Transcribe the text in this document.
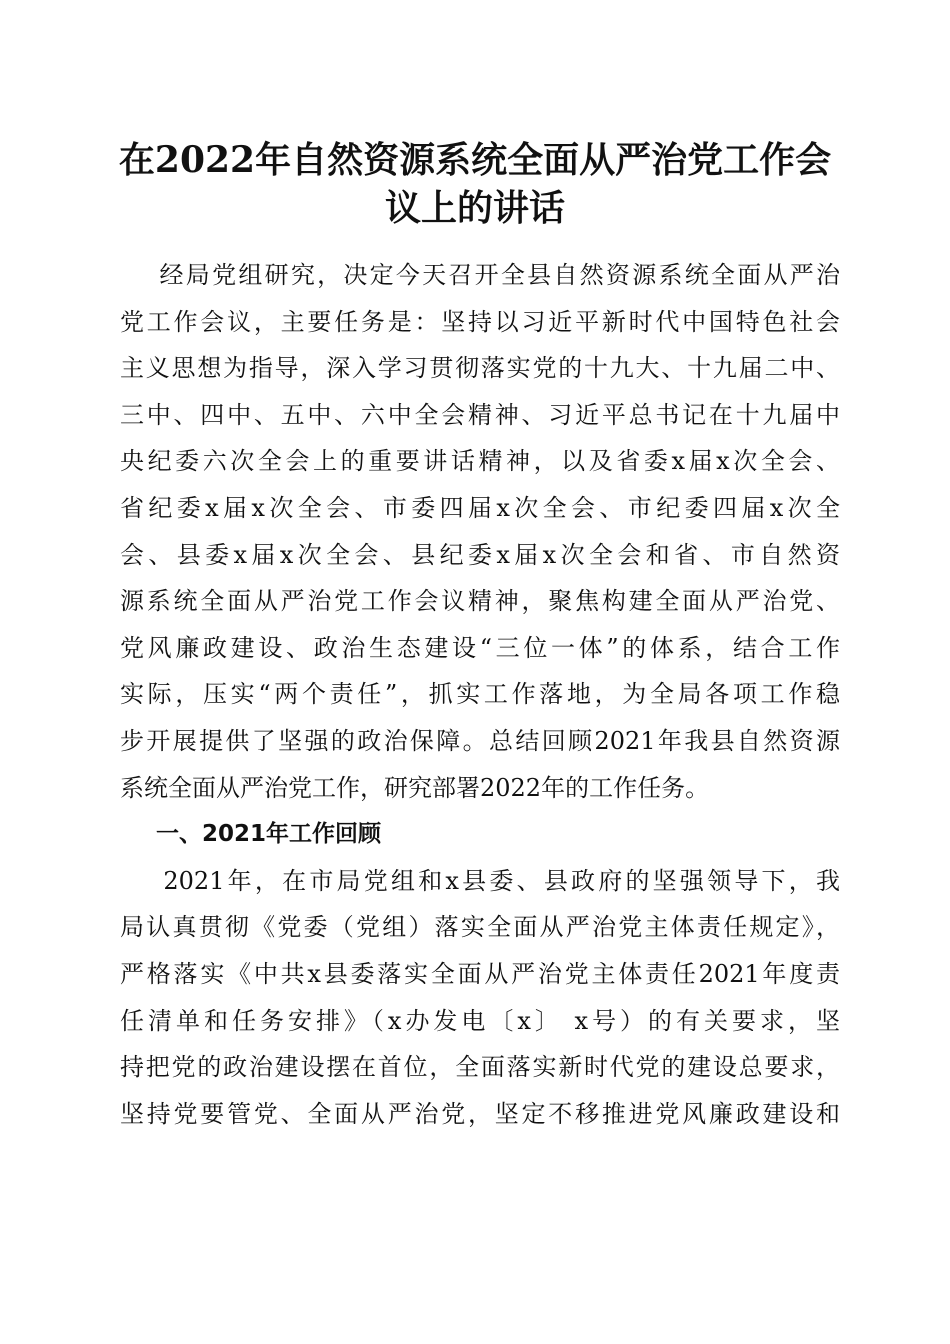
在2022年自然资源系统全面从严治党工作会
议上的讲话
经局党组研究，决定今天召开全县自然资源系统全面从严治
党工作会议，主要任务是：坚持以习近平新时代中国特色社会
主义思想为指导，深入学习贯彻落实党的十九大、十九届二中、
三中、四中、五中、六中全会精神、习近平总书记在十九届中
央纪委六次全会上的重要讲话精神，以及省委x届x次全会、
省纪委x届x次全会、市委四届x次全会、市纪委四届x次全
会、县委x届x次全会、县纪委x届x次全会和省、市自然资
源系统全面从严治党工作会议精神，聚焦构建全面从严治党、
党风廉政建设、政治生态建设“三位一体”的体系，结合工作
实际，压实“两个责任”，抓实工作落地，为全局各项工作稳
步开展提供了坚强的政治保障。总结回顾2021年我县自然资源
系统全面从严治党工作，研究部署2022年的工作任务。
一、2021年工作回顾
2021年，在市局党组和x县委、县政府的坚强领导下，我
局认真贯彻《党委（党组）落实全面从严治党主体责任规定》，
严格落实《中共x县委落实全面从严治党主体责任2021年度责
任清单和任务安排》（x办发电〔x〕 x号）的有关要求，坚
持把党的政治建设摆在首位，全面落实新时代党的建设总要求，
坚持党要管党、全面从严治党，坚定不移推进党风廉政建设和
